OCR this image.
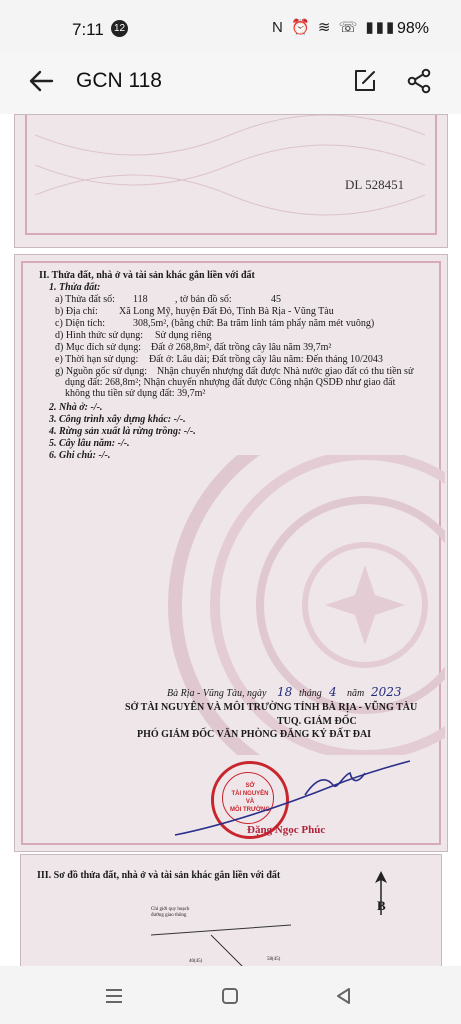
7:11 12	N ⏰ ≋ ☏ ▮▮▮ 98%
GCN 118
DL 528451
II. Thửa đất, nhà ở và tài sản khác gắn liền với đất
1. Thửa đất:
a) Thửa đất số: 118	, tờ bản đồ số:	45
b) Địa chỉ: Xã Long Mỹ, huyện Đất Đỏ, Tỉnh Bà Rịa - Vũng Tàu
c) Diện tích:	308,5m², (bằng chữ: Ba trăm linh tám phẩy năm mét vuông)
d) Hình thức sử dụng: Sử dụng riêng
đ) Mục đích sử dụng: Đất ở 268,8m², đất trồng cây lâu năm 39,7m²
e) Thời hạn sử dụng: Đất ở: Lâu dài; Đất trồng cây lâu năm: Đến tháng 10/2043
g) Nguồn gốc sử dụng: Nhận chuyển nhượng đất được Nhà nước giao đất có thu tiền sử
dụng đất: 268,8m²; Nhận chuyển nhượng đất được Công nhận QSDĐ như giao đất
không thu tiền sử dụng đất: 39,7m²
2. Nhà ở: -/-.
3. Công trình xây dựng khác: -/-.
4. Rừng sản xuất là rừng trồng: -/-.
5. Cây lâu năm: -/-.
6. Ghi chú: -/-.
Bà Rịa - Vũng Tàu, ngày 18 tháng 4 năm 2023
SỞ TÀI NGUYÊN VÀ MÔI TRƯỜNG TỈNH BÀ RỊA - VŨNG TÀU
TUQ. GIÁM ĐỐC
PHÓ GIÁM ĐỐC VĂN PHÒNG ĐĂNG KÝ ĐẤT ĐAI
SỞ
TÀI NGUYÊN
VÀ
MÔI TRƯỜNG
Đặng Ngọc Phúc
III. Sơ đồ thửa đất, nhà ở và tài sản khác gắn liền với đất
B
Chỉ giới quy hoạch
đường giao thông
40(45)	58(45)
